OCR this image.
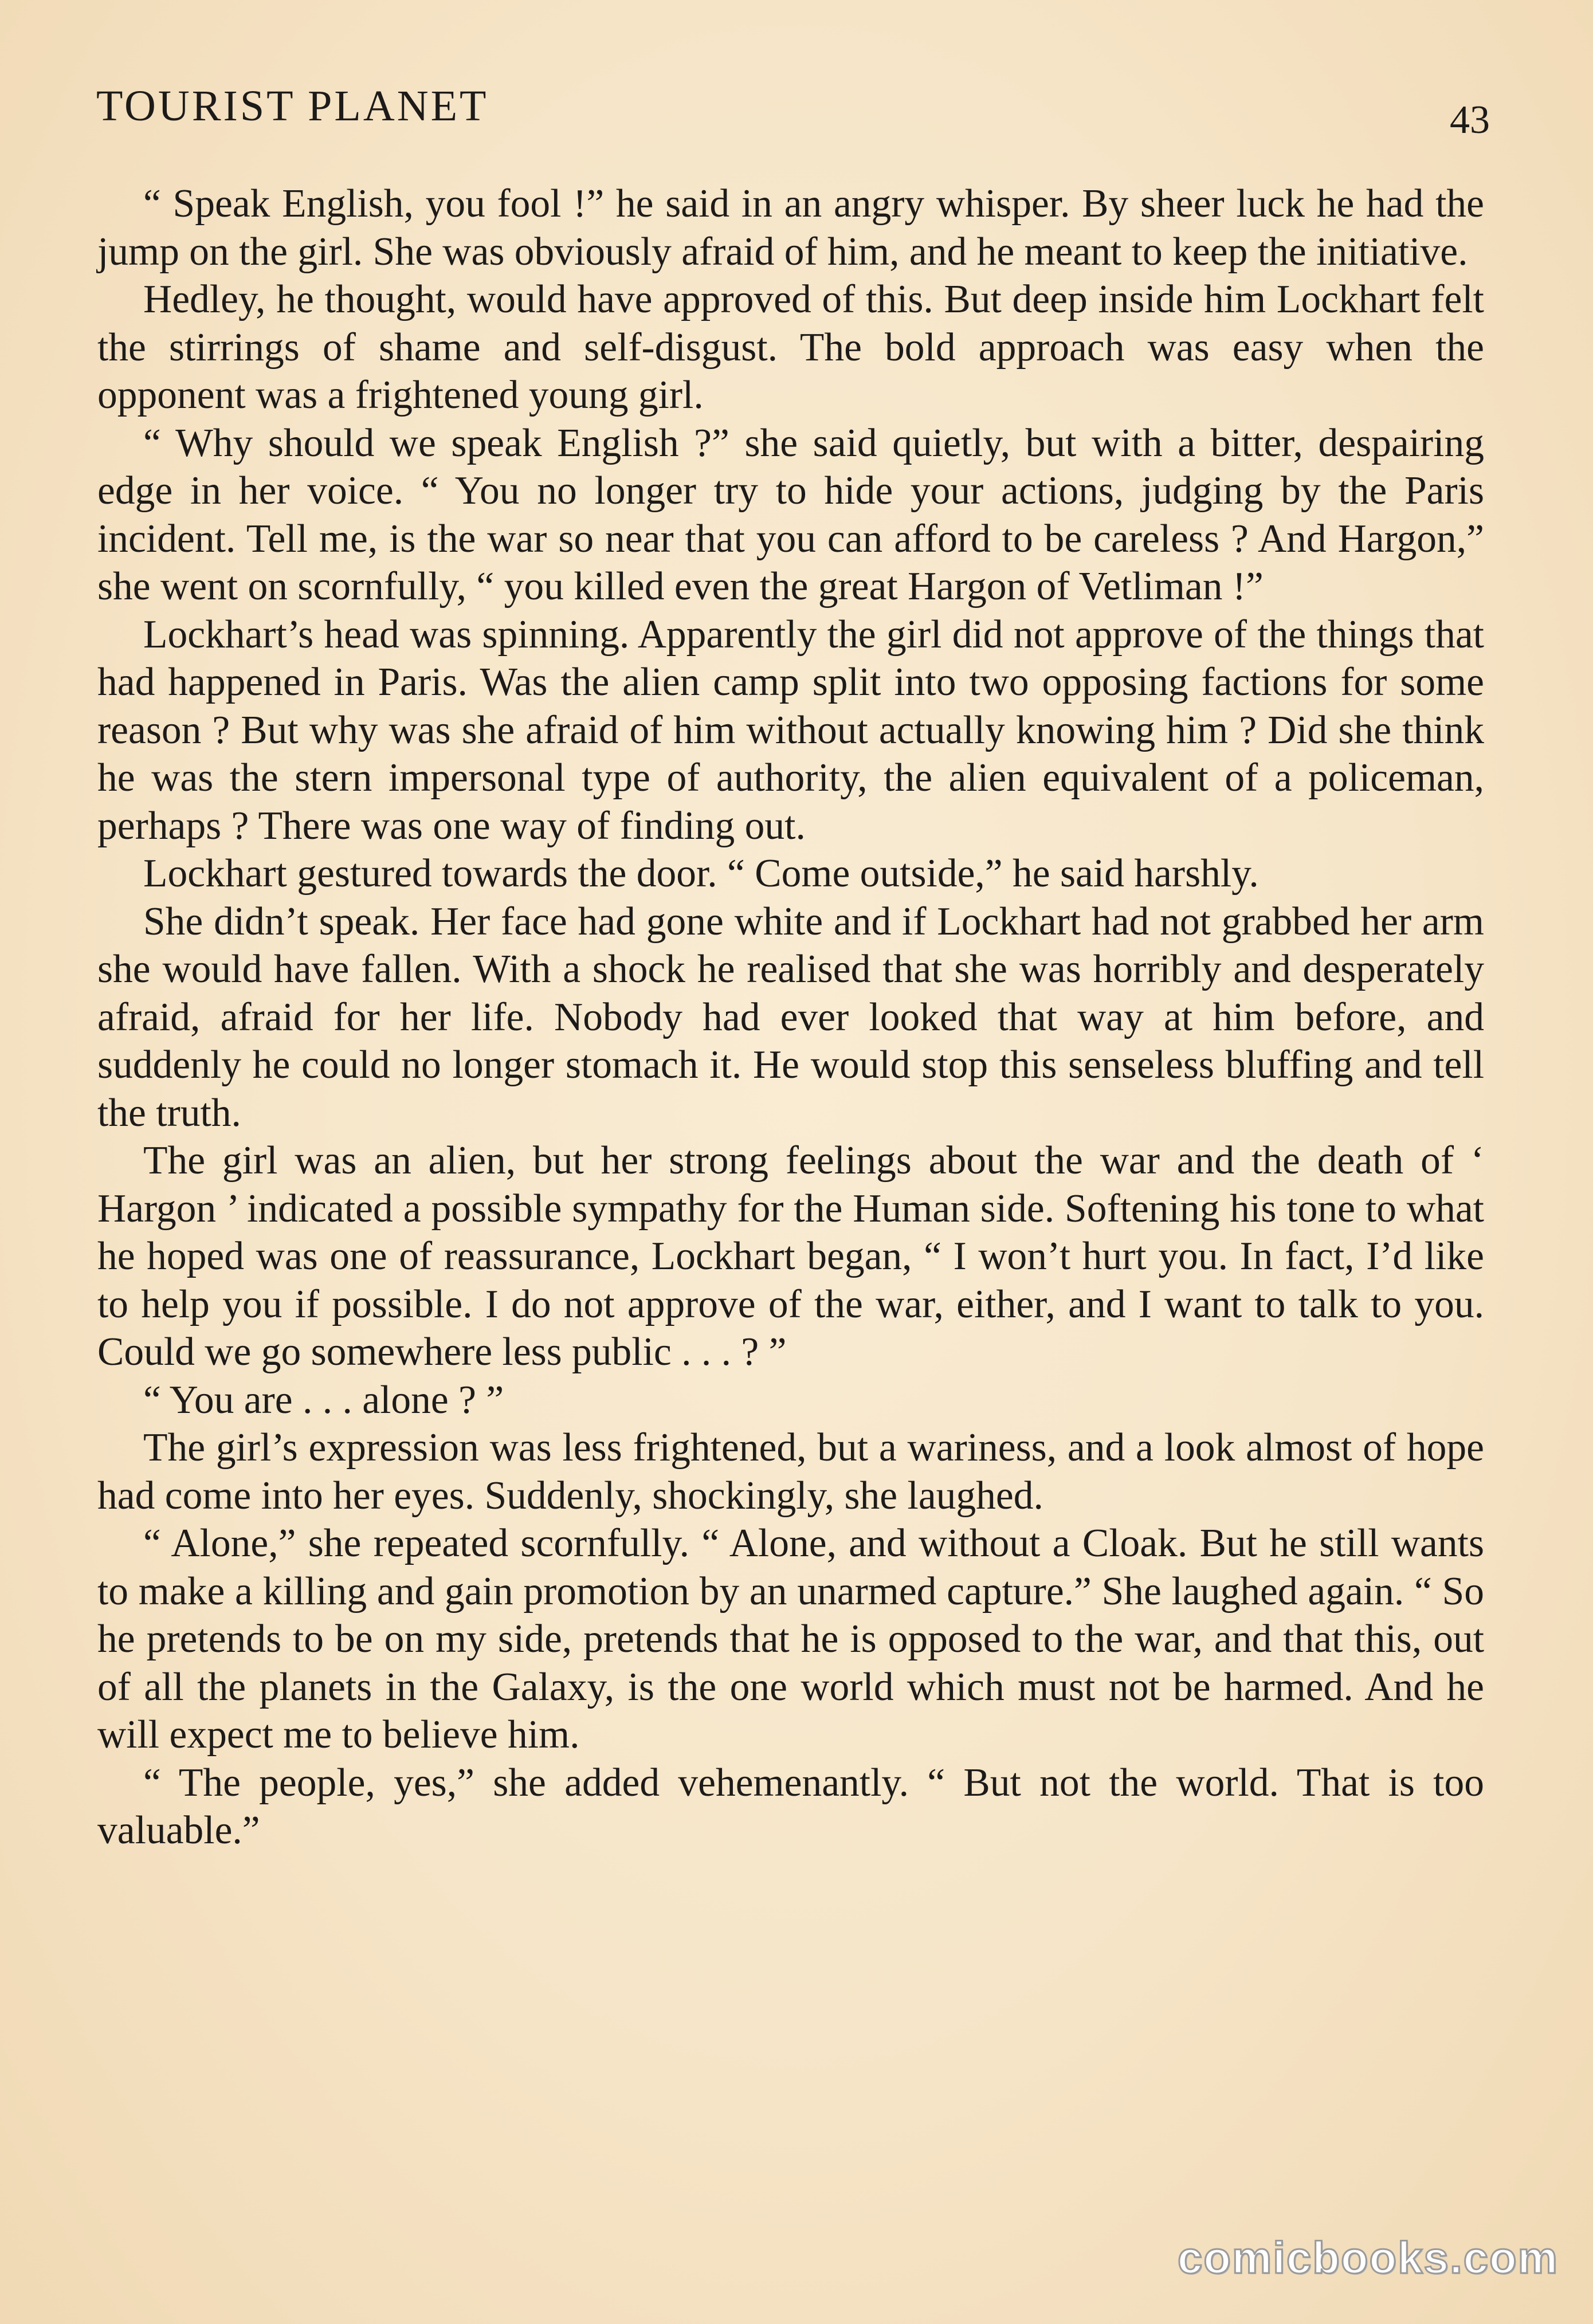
TOURIST PLANET	43

“ Speak English, you fool !” he said in an angry whisper. By sheer luck he had the jump on the girl. She was obviously afraid of him, and he meant to keep the initiative.

Hedley, he thought, would have approved of this. But deep inside him Lockhart felt the stirrings of shame and self-disgust. The bold approach was easy when the opponent was a frightened young girl.

“ Why should we speak English ?” she said quietly, but with a bitter, despairing edge in her voice. “ You no longer try to hide your actions, judging by the Paris incident. Tell me, is the war so near that you can afford to be careless ? And Hargon,” she went on scornfully, “ you killed even the great Hargon of Vetliman !”

Lockhart’s head was spinning. Apparently the girl did not approve of the things that had happened in Paris. Was the alien camp split into two opposing factions for some reason ? But why was she afraid of him without actually knowing him ? Did she think he was the stern impersonal type of authority, the alien equivalent of a policeman, perhaps ? There was one way of finding out.

Lockhart gestured towards the door. “ Come outside,” he said harshly.

She didn’t speak. Her face had gone white and if Lockhart had not grabbed her arm she would have fallen. With a shock he realised that she was horribly and desperately afraid, afraid for her life. Nobody had ever looked that way at him before, and suddenly he could no longer stomach it. He would stop this senseless bluffing and tell the truth.

The girl was an alien, but her strong feelings about the war and the death of ‘ Hargon ’ indicated a possible sympathy for the Human side. Softening his tone to what he hoped was one of reassurance, Lockhart began, “ I won’t hurt you. In fact, I’d like to help you if possible. I do not approve of the war, either, and I want to talk to you. Could we go somewhere less public . . . ? ”

“ You are . . . alone ? ”

The girl’s expression was less frightened, but a wariness, and a look almost of hope had come into her eyes. Suddenly, shockingly, she laughed.

“ Alone,” she repeated scornfully. “ Alone, and without a Cloak. But he still wants to make a killing and gain promotion by an unarmed capture.” She laughed again. “ So he pretends to be on my side, pretends that he is opposed to the war, and that this, out of all the planets in the Galaxy, is the one world which must not be harmed. And he will expect me to believe him.

“ The people, yes,” she added vehemenantly. “ But not the world. That is too valuable.”

comicbooks.com
